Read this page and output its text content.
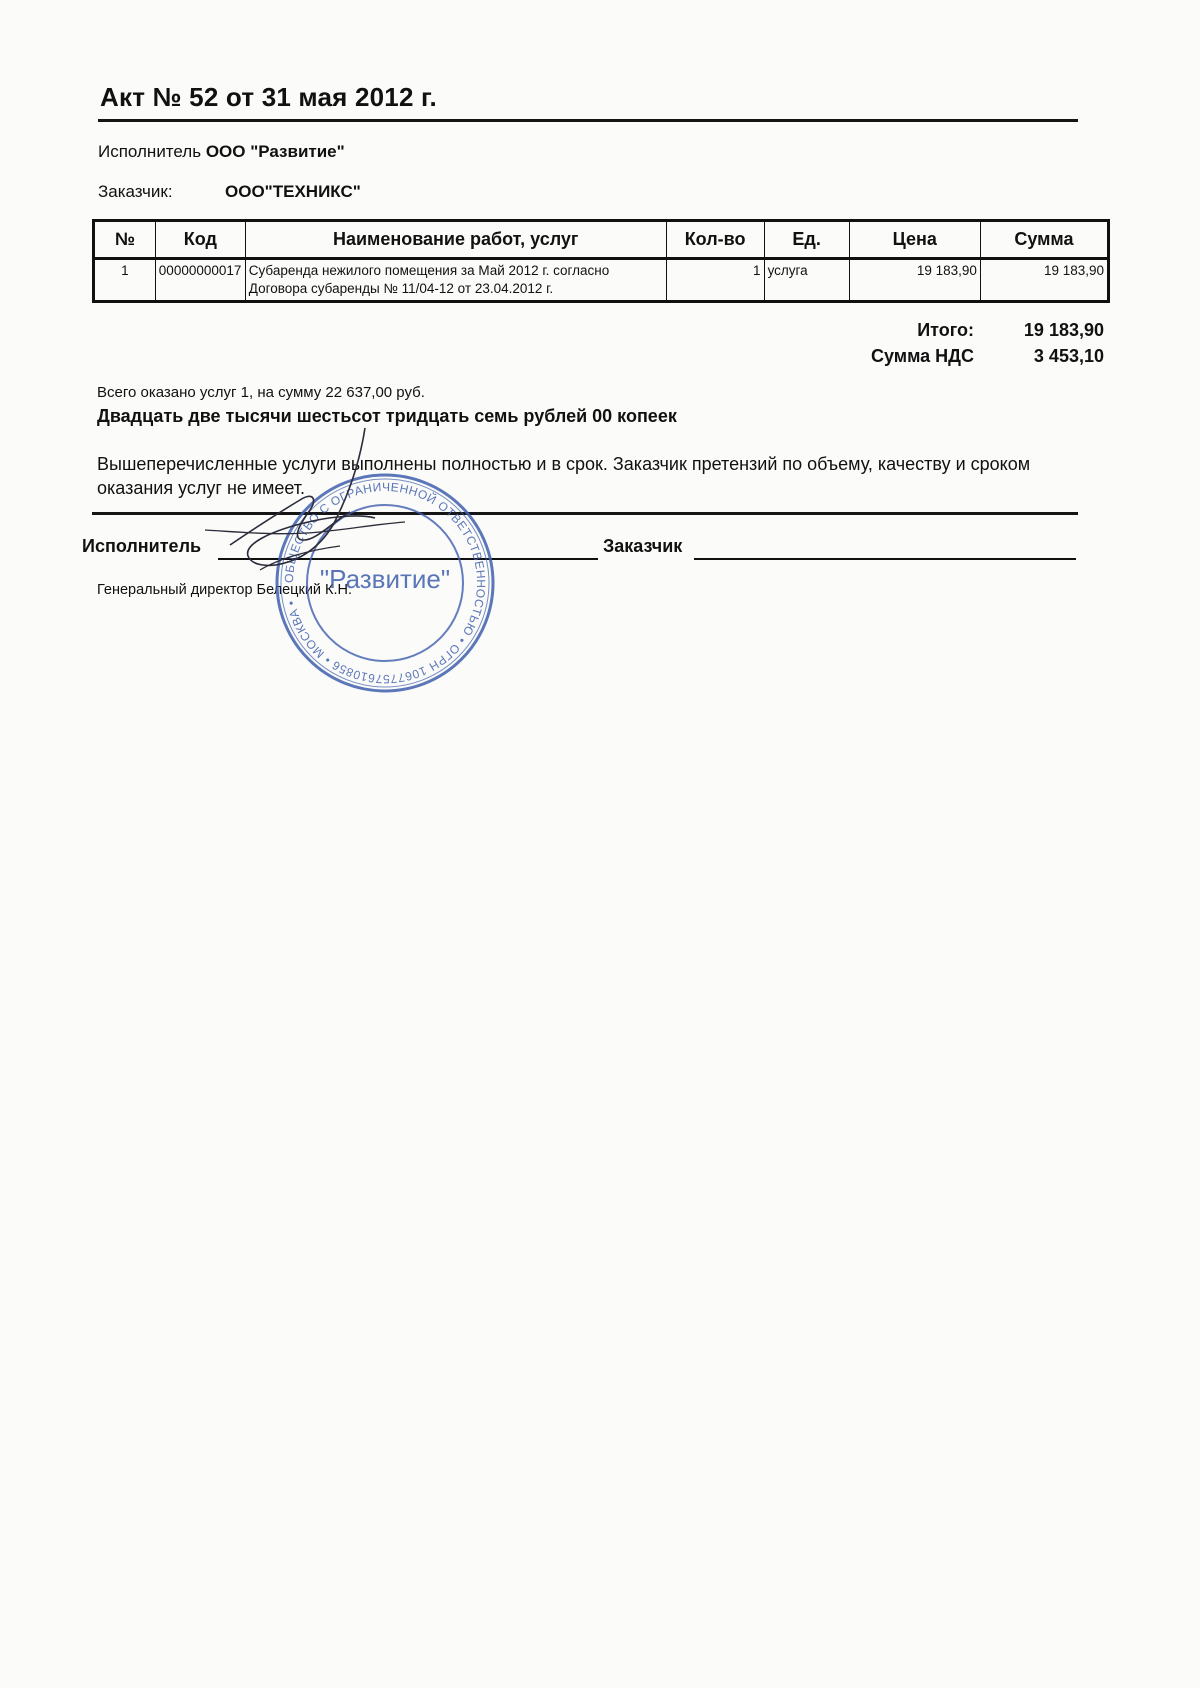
Акт № 52 от 31 мая 2012 г.
Исполнитель ООО "Развитие"
Заказчик:	ООО"ТЕХНИКС"
№	Код	Наименование работ, услуг	Кол-во	Ед.	Цена	Сумма
1	00000000017	Субаренда нежилого помещения за Май 2012 г. согласно Договора субаренды № 11/04-12 от 23.04.2012 г.	1	услуга	19 183,90	19 183,90
Итого:	19 183,90
Сумма НДС	3 453,10
Всего оказано услуг 1, на сумму 22 637,00 руб.
Двадцать две тысячи шестьсот тридцать семь рублей 00 копеек
Вышеперечисленные услуги выполнены полностью и в срок. Заказчик претензий по объему, качеству и сроком оказания услуг не имеет.
Исполнитель	Заказчик
Генеральный директор Белецкий К.Н.
ОБЩЕСТВО С ОГРАНИЧЕННОЙ ОТВЕТСТВЕННОСТЬЮ • ОГРН 1067757610856 • МОСКВА •
"Развитие"
